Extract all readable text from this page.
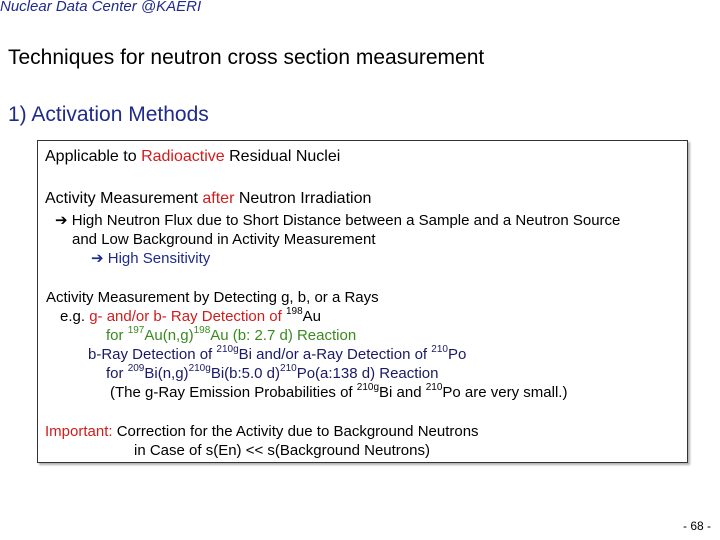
Nuclear Data Center @KAERI
Techniques for neutron cross section measurement
1) Activation Methods
Applicable to Radioactive Residual Nuclei
Activity Measurement after Neutron Irradiation
➔ High Neutron Flux due to Short Distance between a Sample and a Neutron Source
and Low Background in Activity Measurement
➔ High Sensitivity
Activity Measurement by Detecting g, b, or a Rays
e.g. g- and/or b- Ray Detection of $^{198}$Au
for $^{197}Au(n,g)^{198}Au$ (b: 2.7 d) Reaction
b-Ray Detection of $^{210g}$Bi and/or a-Ray Detection of $^{210}$Po
for $^{209}Bi(n,g)^{210g}Bi(b:5.0$ d)$^{210}$Po(a:138 d) Reaction
(The g-Ray Emission Probabilities of $^{210g}$Bi and $^{210}$Po are very small.)
Important: Correction for the Activity due to Background Neutrons
in Case of s(En) << s(Background Neutrons)
- 68 -
